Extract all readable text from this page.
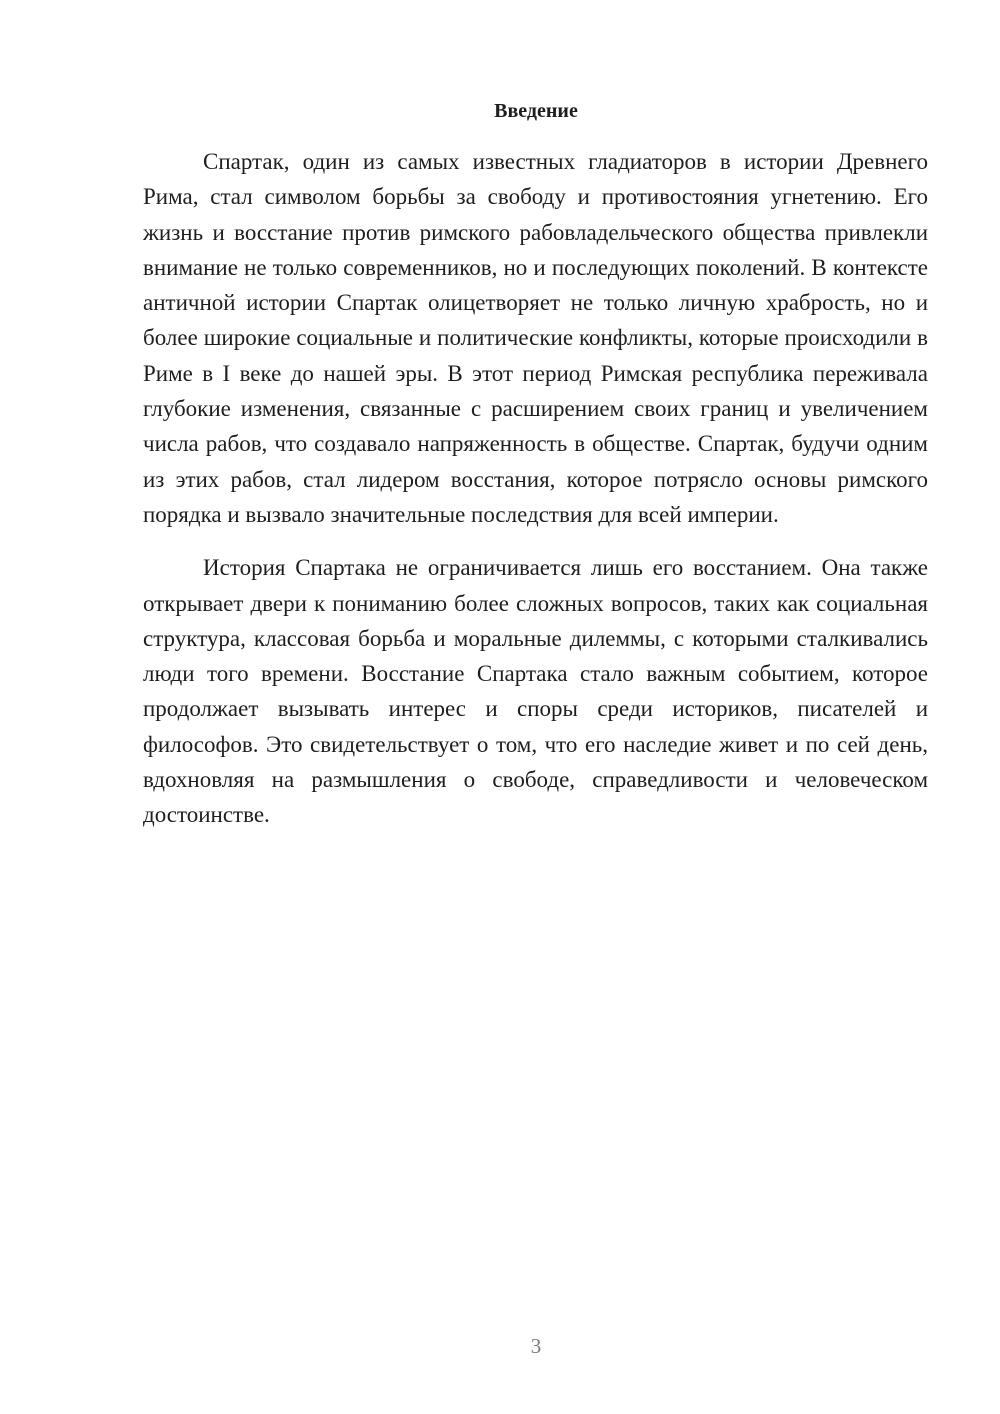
Введение

Спартак, один из самых известных гладиаторов в истории Древнего Рима, стал символом борьбы за свободу и противостояния угнетению. Его жизнь и восстание против римского рабовладельческого общества привлекли внимание не только современников, но и последующих поколений. В контексте античной истории Спартак олицетворяет не только личную храбрость, но и более широкие социальные и политические конфликты, которые происходили в Риме в I веке до нашей эры. В этот период Римская республика переживала глубокие изменения, связанные с расширением своих границ и увеличением числа рабов, что создавало напряженность в обществе. Спартак, будучи одним из этих рабов, стал лидером восстания, которое потрясло основы римского порядка и вызвало значительные последствия для всей империи.

История Спартака не ограничивается лишь его восстанием. Она также открывает двери к пониманию более сложных вопросов, таких как социальная структура, классовая борьба и моральные дилеммы, с которыми сталкивались люди того времени. Восстание Спартака стало важным событием, которое продолжает вызывать интерес и споры среди историков, писателей и философов. Это свидетельствует о том, что его наследие живет и по сей день, вдохновляя на размышления о свободе, справедливости и человеческом достоинстве.

3
